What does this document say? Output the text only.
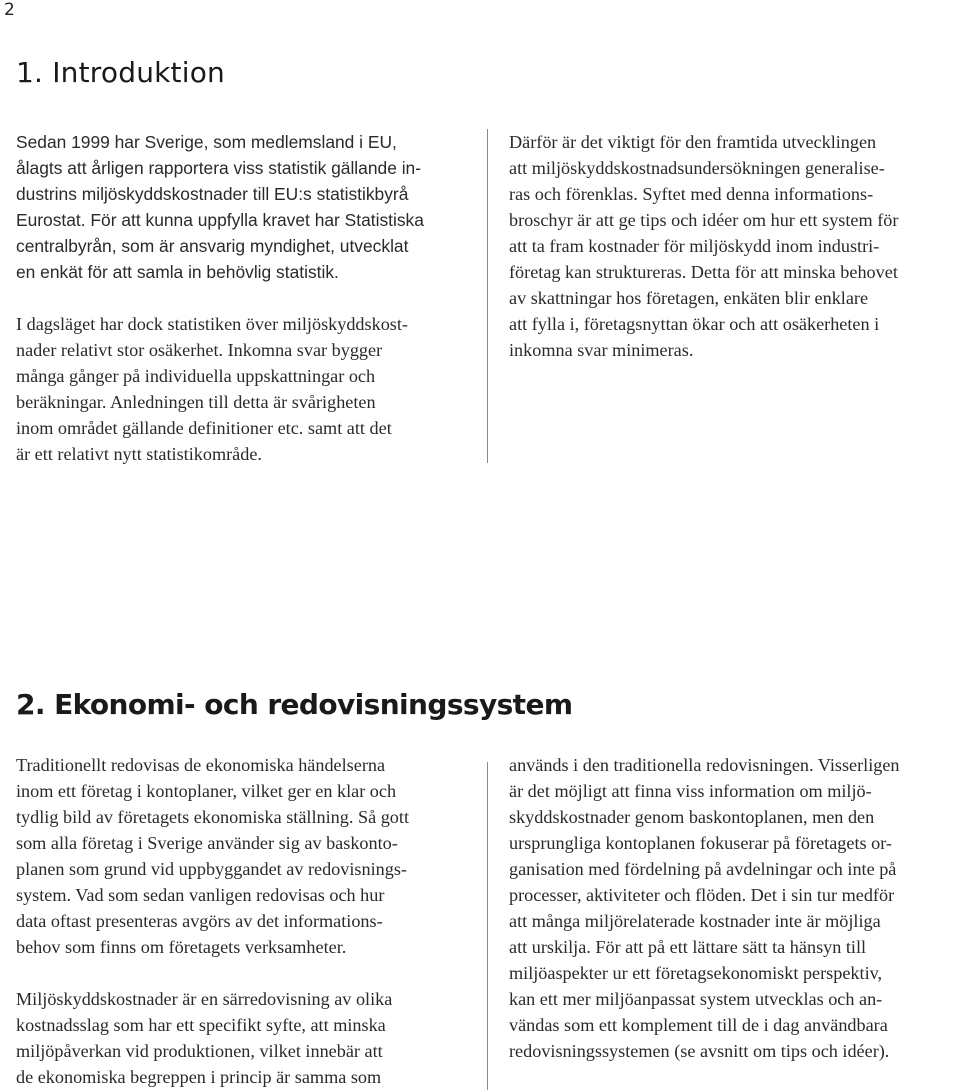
2
1. Introduktion

Sedan 1999 har Sverige, som medlemsland i EU,

ålagts att årligen rapportera viss statistik gällande in-

dustrins miljöskyddskostnader till EU:s statistikbyrå

Eurostat. För att kunna uppfylla kravet har Statistiska

centralbyrån, som är ansvarig myndighet, utvecklat

en enkät för att samla in behövlig statistik.

I dagsläget har dock statistiken över miljöskyddskost-

nader relativt stor osäkerhet. Inkomna svar bygger

många gånger på individuella uppskattningar och

beräkningar. Anledningen till detta är svårigheten

inom området gällande definitioner etc. samt att det

är ett relativt nytt statistikområde.

Därför är det viktigt för den framtida utvecklingen

att miljöskyddskostnadsundersökningen generalise-

ras och förenklas. Syftet med denna informations-

broschyr är att ge tips och idéer om hur ett system för

att ta fram kostnader för miljöskydd inom industri-

företag kan struktureras. Detta för att minska behovet

av skattningar hos företagen, enkäten blir enklare

att fylla i, företagsnyttan ökar och att osäkerheten i

inkomna svar minimeras.

2. Ekonomi- och redovisningssystem

Traditionellt redovisas de ekonomiska händelserna

inom ett företag i kontoplaner, vilket ger en klar och

tydlig bild av företagets ekonomiska ställning. Så gott

som alla företag i Sverige använder sig av baskonto-

planen som grund vid uppbyggandet av redovisnings-

system. Vad som sedan vanligen redovisas och hur

data oftast presenteras avgörs av det informations-

behov som finns om företagets verksamheter.

Miljöskyddskostnader är en särredovisning av olika

kostnadsslag som har ett specifikt syfte, att minska

miljöpåverkan vid produktionen, vilket innebär att

de ekonomiska begreppen i princip är samma som

används i den traditionella redovisningen. Visserligen

är det möjligt att finna viss information om miljö-

skyddskostnader genom baskontoplanen, men den

ursprungliga kontoplanen fokuserar på företagets or-

ganisation med fördelning på avdelningar och inte på

processer, aktiviteter och flöden. Det i sin tur medför

att många miljörelaterade kostnader inte är möjliga

att urskilja. För att på ett lättare sätt ta hänsyn till

miljöaspekter ur ett företagsekonomiskt perspektiv,

kan ett mer miljöanpassat system utvecklas och an-

vändas som ett komplement till de i dag användbara

redovisningssystemen (se avsnitt om tips och idéer).
